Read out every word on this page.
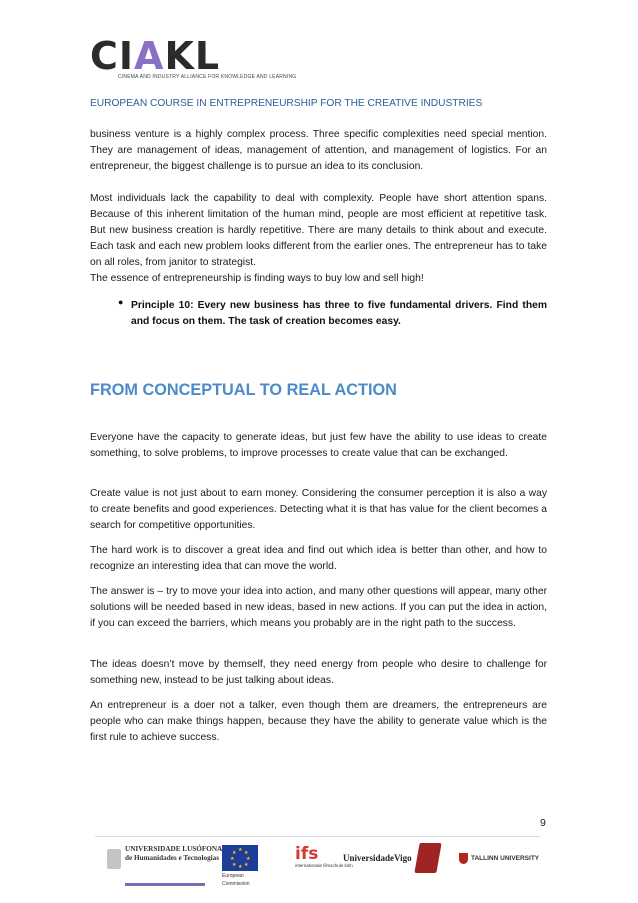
CIAKL
CINEMA AND INDUSTRY ALLIANCE FOR KNOWLEDGE AND LEARNING
EUROPEAN COURSE IN ENTREPRENEURSHIP FOR THE CREATIVE INDUSTRIES

business venture is a highly complex process. Three specific complexities need special mention. They are management of ideas, management of attention, and management of logistics. For an entrepreneur, the biggest challenge is to pursue an idea to its conclusion.

Most individuals lack the capability to deal with complexity. People have short attention spans. Because of this inherent limitation of the human mind, people are most efficient at repetitive task. But new business creation is hardly repetitive. There are many details to think about and execute. Each task and each new problem looks different from the earlier ones. The entrepreneur has to take on all roles, from janitor to strategist.

The essence of entrepreneurship is finding ways to buy low and sell high!

● Principle 10: Every new business has three to five fundamental drivers. Find them and focus on them. The task of creation becomes easy.
FROM CONCEPTUAL TO REAL ACTION

Everyone have the capacity to generate ideas, but just few have the ability to use ideas to create something, to solve problems, to improve processes to create value that can be exchanged.

Create value is not just about to earn money. Considering the consumer perception it is also a way to create benefits and good experiences. Detecting what it is that has value for the client becomes a search for competitive opportunities.

The hard work is to discover a great idea and find out which idea is better than other, and how to recognize an interesting idea that can move the world.

The answer is – try to move your idea into action, and many other questions will appear, many other solutions will be needed based in new ideas, based in new actions. If you can put the idea in action, if you can exceed the barriers, which means you probably are in the right path to the success.

The ideas doesn’t move by themself, they need energy from people who desire to challenge for something new, instead to be just talking about ideas.

An entrepreneur is a doer not a talker, even though them are dreamers, the entrepreneurs are people who can make things happen, because they have the ability to generate value which is the first rule to achieve success.

9
UNIVERSIDADE LUSÓFONA
de Humanidades e Tecnologias
★ ★
★
★
★
★
★
★
European
Commission
ifs
internationale filmschule köln
UniversidadeVigo	TALLINN UNIVERSITY
